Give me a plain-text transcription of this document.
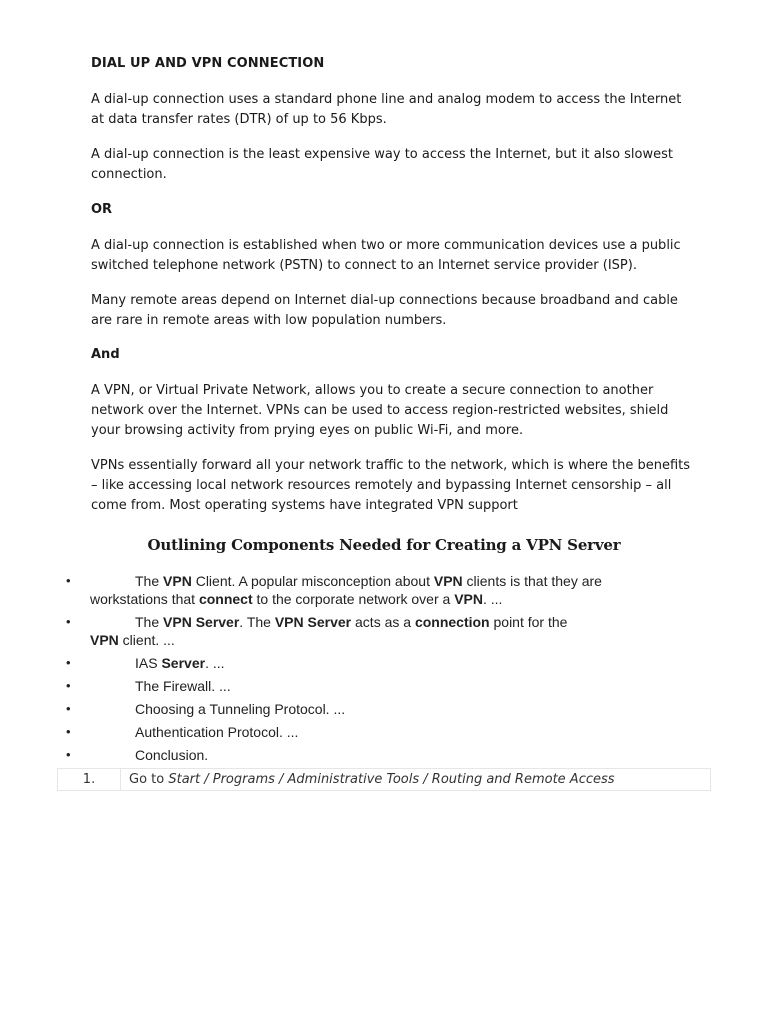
DIAL UP AND VPN CONNECTION

A dial-up connection uses a standard phone line and analog modem to access the Internet at data transfer rates (DTR) of up to 56 Kbps.

A dial-up connection is the least expensive way to access the Internet, but it also slowest connection.

OR

A dial-up connection is established when two or more communication devices use a public switched telephone network (PSTN) to connect to an Internet service provider (ISP).

Many remote areas depend on Internet dial-up connections because broadband and cable are rare in remote areas with low population numbers.

And

A VPN, or Virtual Private Network, allows you to create a secure connection to another network over the Internet. VPNs can be used to access region-restricted websites, shield your browsing activity from prying eyes on public Wi-Fi, and more.

VPNs essentially forward all your network traffic to the network, which is where the benefits – like accessing local network resources remotely and bypassing Internet censorship – all come from. Most operating systems have integrated VPN support

Outlining Components Needed for Creating a VPN Server
•	The VPN Client. A popular misconception about VPN clients is that they are workstations that connect to the corporate network over a VPN. ...
•	The VPN Server. The VPN Server acts as a connection point for the VPN client. ...
•	IAS Server. ...
•	The Firewall. ...
•	Choosing a Tunneling Protocol. ...
•	Authentication Protocol. ...
•	Conclusion.
1.	Go to Start / Programs / Administrative Tools / Routing and Remote Access
